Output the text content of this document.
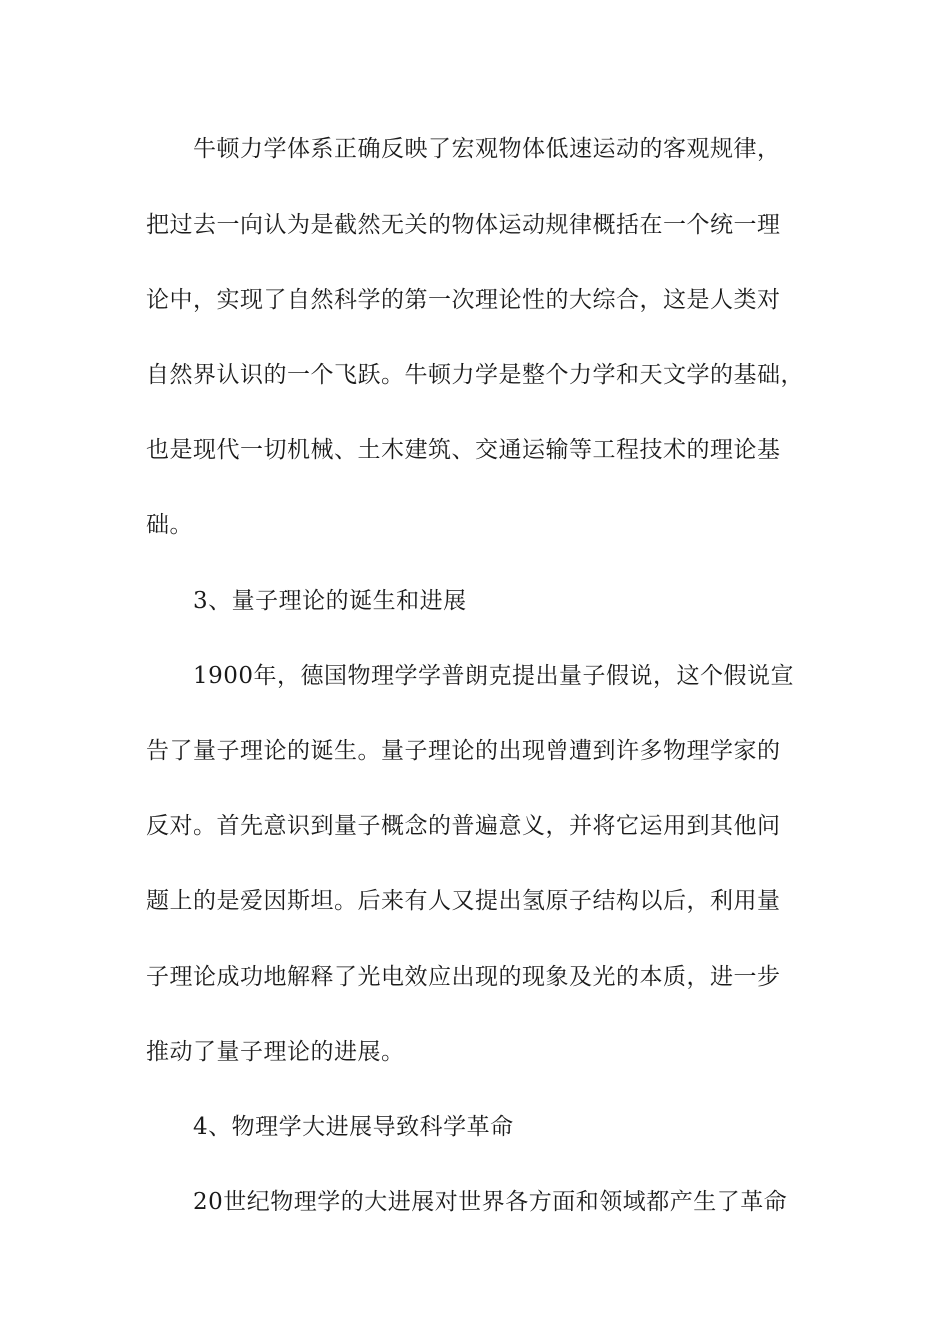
牛顿力学体系正确反映了宏观物体低速运动的客观规律，
把过去一向认为是截然无关的物体运动规律概括在一个统一理
论中，实现了自然科学的第一次理论性的大综合，这是人类对
自然界认识的一个飞跃。牛顿力学是整个力学和天文学的基础，
也是现代一切机械、土木建筑、交通运输等工程技术的理论基
础。
3、量子理论的诞生和进展
1900年，德国物理学学普朗克提出量子假说，这个假说宣
告了量子理论的诞生。量子理论的出现曾遭到许多物理学家的
反对。首先意识到量子概念的普遍意义，并将它运用到其他问
题上的是爱因斯坦。后来有人又提出氢原子结构以后，利用量
子理论成功地解释了光电效应出现的现象及光的本质，进一步
推动了量子理论的进展。
4、物理学大进展导致科学革命
20世纪物理学的大进展对世界各方面和领域都产生了革命
